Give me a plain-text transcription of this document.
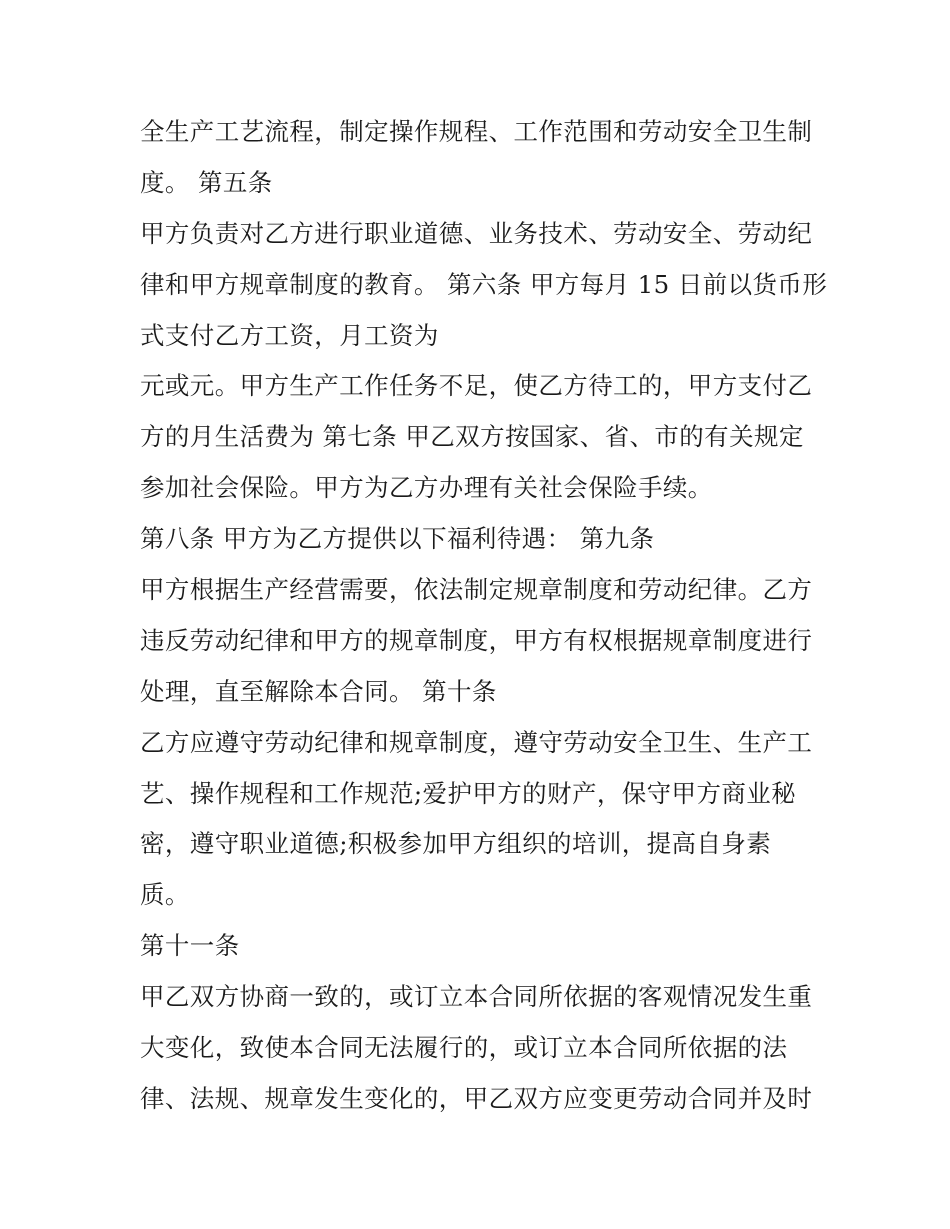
全生产工艺流程，制定操作规程、工作范围和劳动安全卫生制
度。 第五条
甲方负责对乙方进行职业道德、业务技术、劳动安全、劳动纪
律和甲方规章制度的教育。 第六条 甲方每月 15 日前以货币形
式支付乙方工资，月工资为
元或元。甲方生产工作任务不足，使乙方待工的，甲方支付乙
方的月生活费为 第七条 甲乙双方按国家、省、市的有关规定
参加社会保险。甲方为乙方办理有关社会保险手续。
第八条 甲方为乙方提供以下福利待遇： 第九条
甲方根据生产经营需要，依法制定规章制度和劳动纪律。乙方
违反劳动纪律和甲方的规章制度，甲方有权根据规章制度进行
处理，直至解除本合同。 第十条
乙方应遵守劳动纪律和规章制度，遵守劳动安全卫生、生产工
艺、操作规程和工作规范;爱护甲方的财产，保守甲方商业秘
密，遵守职业道德;积极参加甲方组织的培训，提高自身素
质。
第十一条
甲乙双方协商一致的，或订立本合同所依据的客观情况发生重
大变化，致使本合同无法履行的，或订立本合同所依据的法
律、法规、规章发生变化的，甲乙双方应变更劳动合同并及时
